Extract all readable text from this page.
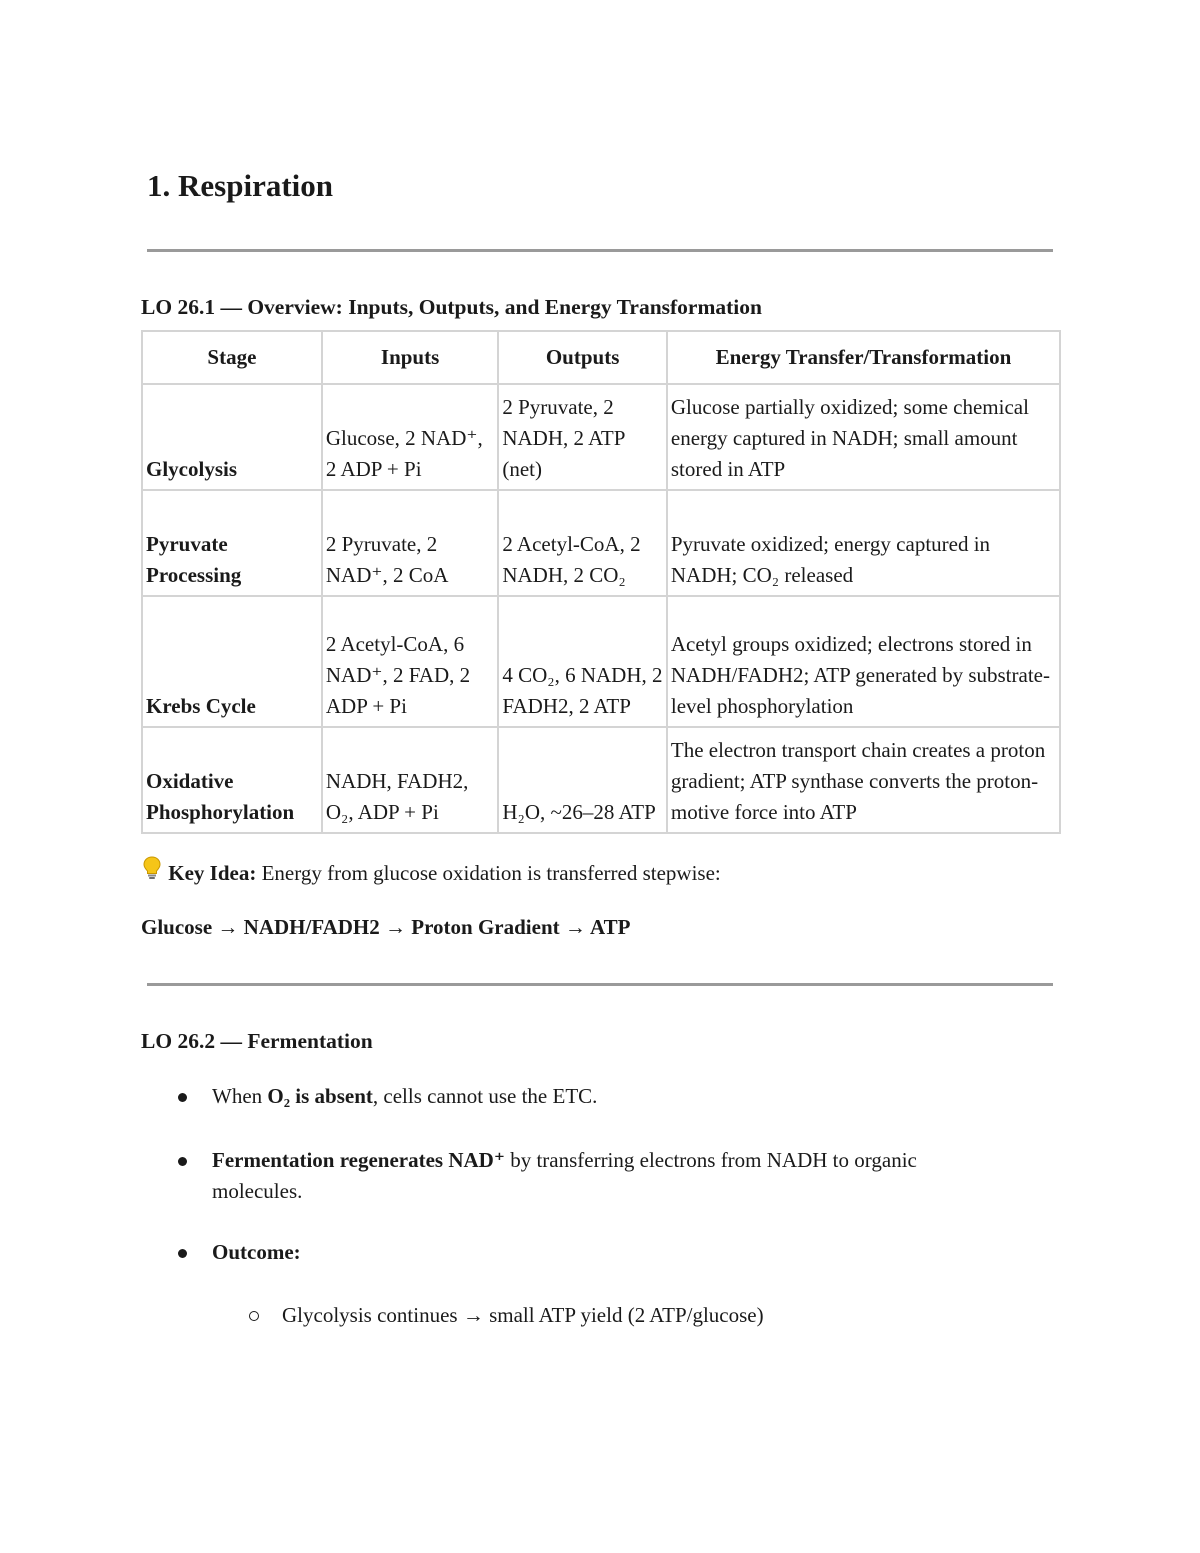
1. Respiration
LO 26.1 — Overview: Inputs, Outputs, and Energy Transformation
Stage	Inputs	Outputs	Energy Transfer/Transformation
Glycolysis	Glucose, 2 NAD⁺, 2 ADP + Pi	2 Pyruvate, 2 NADH, 2 ATP (net)	Glucose partially oxidized; some chemical energy captured in NADH; small amount stored in ATP
Pyruvate Processing	2 Pyruvate, 2 NAD⁺, 2 CoA	2 Acetyl-CoA, 2 NADH, 2 CO₂	Pyruvate oxidized; energy captured in NADH; CO₂ released
Krebs Cycle	2 Acetyl-CoA, 6 NAD⁺, 2 FAD, 2 ADP + Pi	4 CO₂, 6 NADH, 2 FADH2, 2 ATP	Acetyl groups oxidized; electrons stored in NADH/FADH2; ATP generated by substrate-level phosphorylation
Oxidative Phosphorylation	NADH, FADH2, O₂, ADP + Pi	H₂O, ~26–28 ATP	The electron transport chain creates a proton gradient; ATP synthase converts the proton-motive force into ATP

Key Idea: Energy from glucose oxidation is transferred stepwise:

Glucose → NADH/FADH2 → Proton Gradient → ATP

LO 26.2 — Fermentation
When O₂ is absent, cells cannot use the ETC.
Fermentation regenerates NAD⁺ by transferring electrons from NADH to organic molecules.
Outcome:
Glycolysis continues → small ATP yield (2 ATP/glucose)
